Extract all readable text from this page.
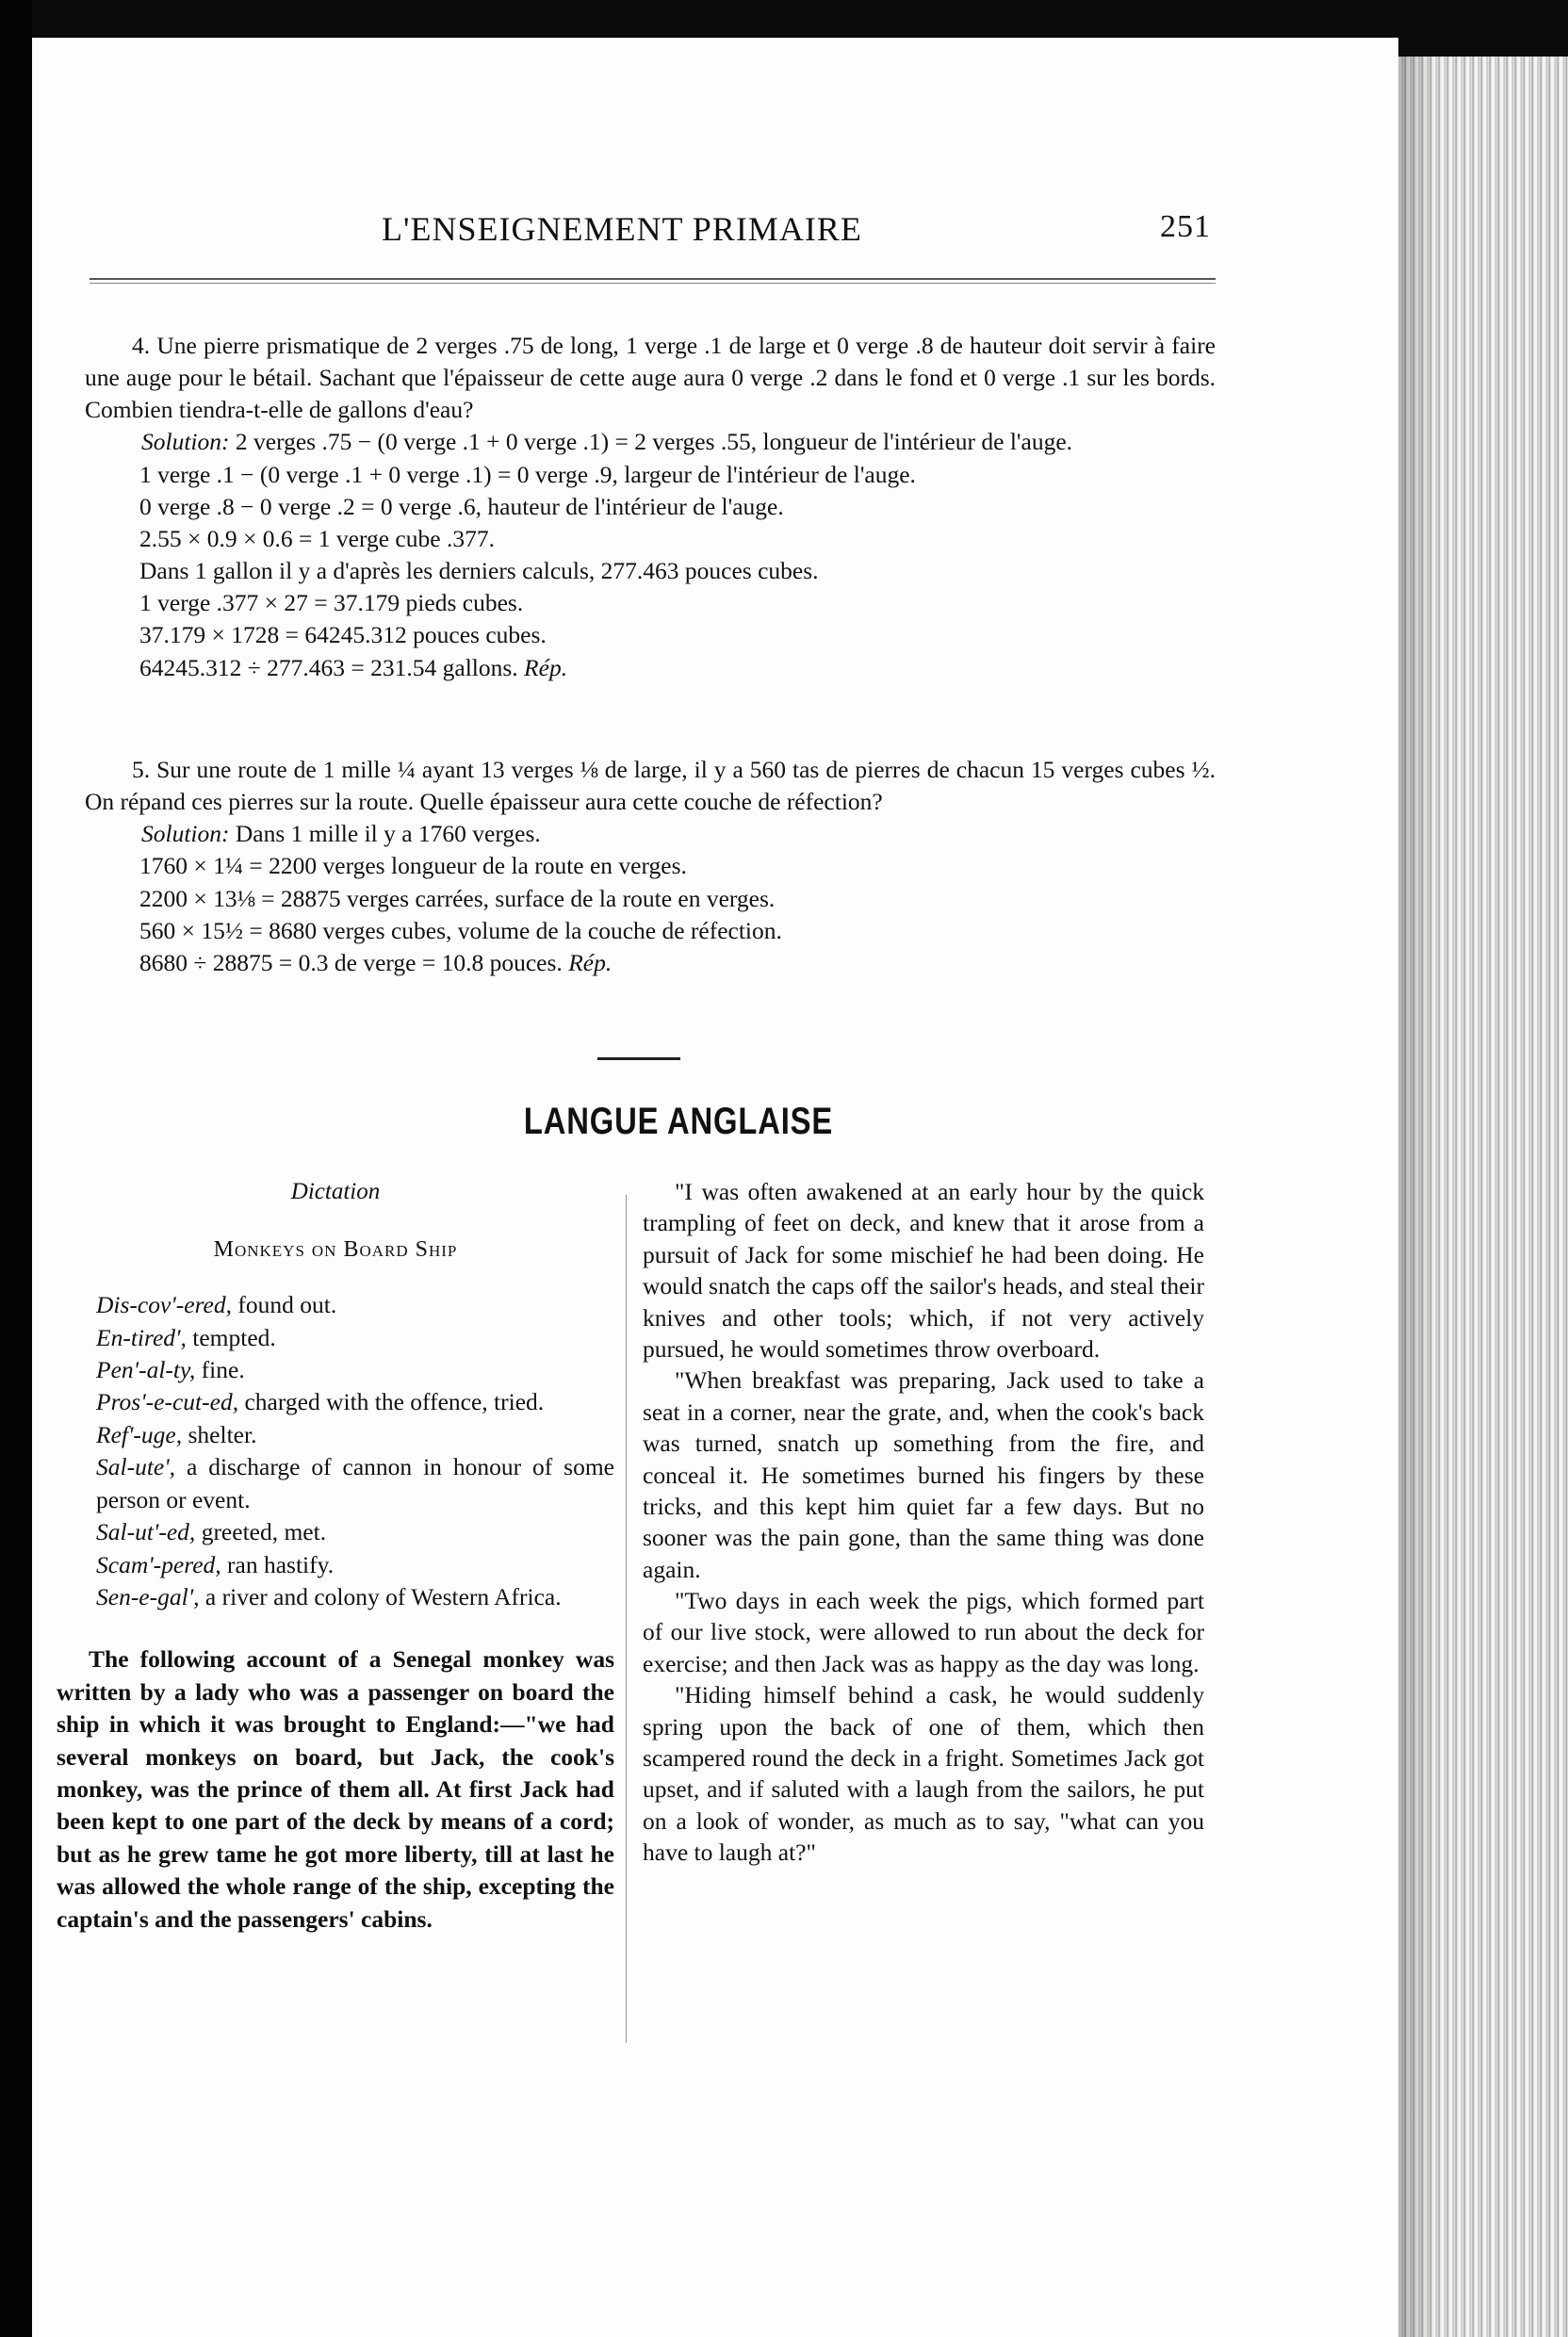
L'ENSEIGNEMENT PRIMAIRE	251

4. Une pierre prismatique de 2 verges .75 de long, 1 verge .1 de large et 0 verge .8 de hauteur doit servir à faire une auge pour le bétail. Sachant que l'épaisseur de cette auge aura 0 verge .2 dans le fond et 0 verge .1 sur les bords. Combien tiendra-t-elle de gallons d'eau?

Solution: 2 verges .75 − (0 verge .1 + 0 verge .1) = 2 verges .55, longueur de l'intérieur de l'auge.

1 verge .1 − (0 verge .1 + 0 verge .1) = 0 verge .9, largeur de l'intérieur de l'auge.
0 verge .8 − 0 verge .2 = 0 verge .6, hauteur de l'intérieur de l'auge.
2.55 × 0.9 × 0.6 = 1 verge cube .377.
Dans 1 gallon il y a d'après les derniers calculs, 277.463 pouces cubes.
1 verge .377 × 27 = 37.179 pieds cubes.
37.179 × 1728 = 64245.312 pouces cubes.
64245.312 ÷ 277.463 = 231.54 gallons. Rép.

5. Sur une route de 1 mille ¼ ayant 13 verges ⅛ de large, il y a 560 tas de pierres de chacun 15 verges cubes ½. On répand ces pierres sur la route. Quelle épaisseur aura cette couche de réfection?

Solution: Dans 1 mille il y a 1760 verges.

1760 × 1¼ = 2200 verges longueur de la route en verges.
2200 × 13⅛ = 28875 verges carrées, surface de la route en verges.
560 × 15½ = 8680 verges cubes, volume de la couche de réfection.
8680 ÷ 28875 = 0.3 de verge = 10.8 pouces. Rép.
LANGUE ANGLAISE

Dictation

Monkeys on Board Ship

Dis-cov'-ered, found out.

En-tired', tempted.

Pen'-al-ty, fine.

Pros'-e-cut-ed, charged with the offence, tried.

Ref'-uge, shelter.

Sal-ute', a discharge of cannon in honour of some person or event.

Sal-ut'-ed, greeted, met.

Scam'-pered, ran hastify.

Sen-e-gal', a river and colony of Western Africa.

The following account of a Senegal monkey was written by a lady who was a passenger on board the ship in which it was brought to England:—"we had several monkeys on board, but Jack, the cook's monkey, was the prince of them all. At first Jack had been kept to one part of the deck by means of a cord; but as he grew tame he got more liberty, till at last he was allowed the whole range of the ship, excepting the captain's and the passengers' cabins.

"I was often awakened at an early hour by the quick trampling of feet on deck, and knew that it arose from a pursuit of Jack for some mischief he had been doing. He would snatch the caps off the sailor's heads, and steal their knives and other tools; which, if not very actively pursued, he would sometimes throw overboard.

"When breakfast was preparing, Jack used to take a seat in a corner, near the grate, and, when the cook's back was turned, snatch up something from the fire, and conceal it. He sometimes burned his fingers by these tricks, and this kept him quiet far a few days. But no sooner was the pain gone, than the same thing was done again.

"Two days in each week the pigs, which formed part of our live stock, were allowed to run about the deck for exercise; and then Jack was as happy as the day was long.

"Hiding himself behind a cask, he would suddenly spring upon the back of one of them, which then scampered round the deck in a fright. Sometimes Jack got upset, and if saluted with a laugh from the sailors, he put on a look of wonder, as much as to say, "what can you have to laugh at?"
